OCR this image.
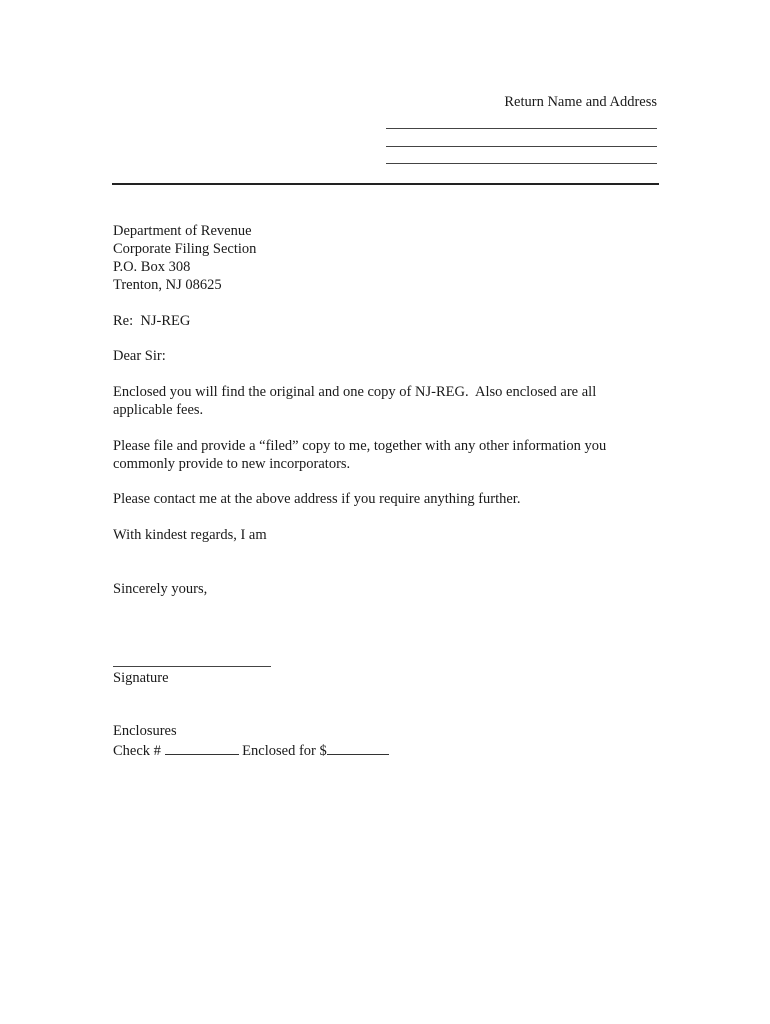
Return Name and Address
Department of Revenue
Corporate Filing Section
P.O. Box 308
Trenton, NJ 08625
Re:  NJ-REG
Dear Sir:
Enclosed you will find the original and one copy of NJ-REG.  Also enclosed are all
applicable fees.
Please file and provide a “filed” copy to me, together with any other information you
commonly provide to new incorporators.
Please contact me at the above address if you require anything further.
With kindest regards, I am
Sincerely yours,
Signature
Enclosures
Check #	Enclosed for $
